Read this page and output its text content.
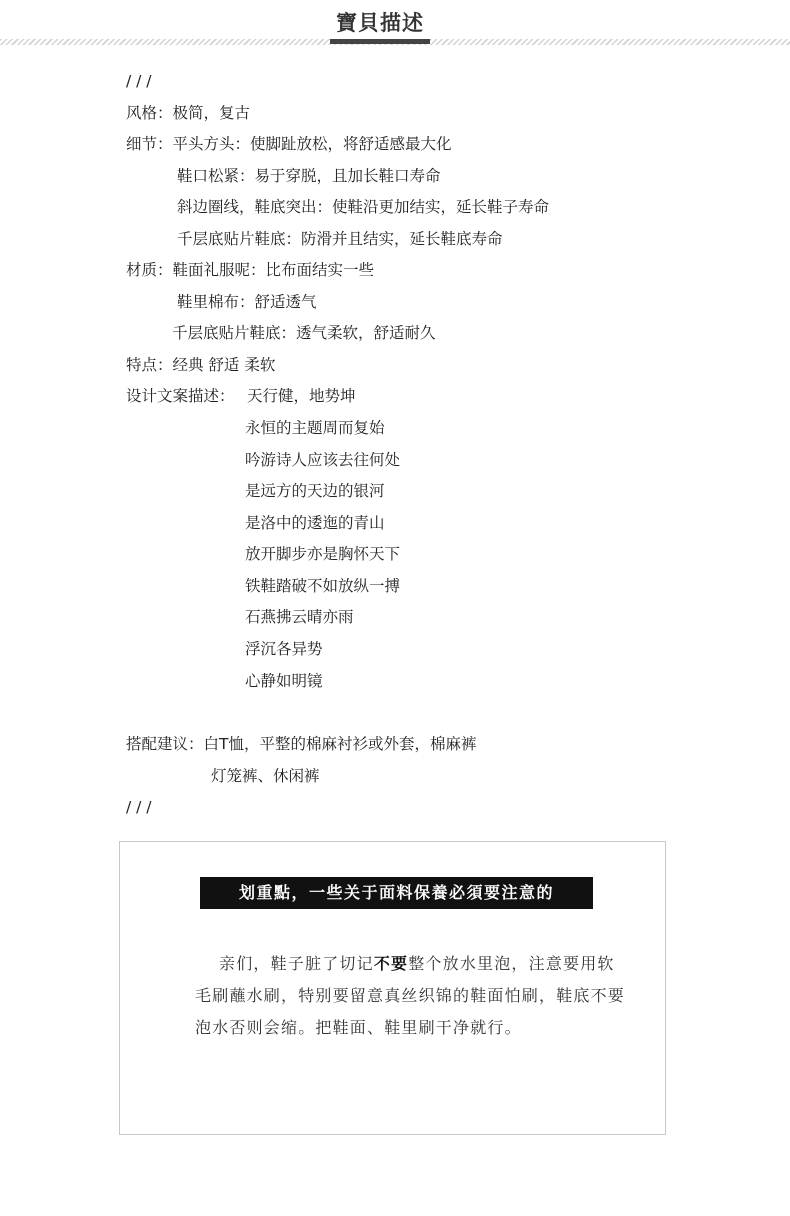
寶貝描述
/ / /
风格：极简，复古
细节：平头方头：使脚趾放松，将舒适感最大化
鞋口松紧：易于穿脱，且加长鞋口寿命
斜边圈线，鞋底突出：使鞋沿更加结实，延长鞋子寿命
千层底贴片鞋底：防滑并且结实，延长鞋底寿命
材质：鞋面礼服呢：比布面结实一些
鞋里棉布：舒适透气
千层底贴片鞋底：透气柔软，舒适耐久
特点：经典 舒适 柔软
设计文案描述： 天行健，地势坤
永恒的主题周而复始
吟游诗人应该去往何处
是远方的天边的银河
是洛中的逶迤的青山
放开脚步亦是胸怀天下
铁鞋踏破不如放纵一搏
石燕拂云晴亦雨
浮沉各异势
心静如明镜
搭配建议：白T恤，平整的棉麻衬衫或外套，棉麻裤
灯笼裤、休闲裤
/ / /
划重點，一些关于面料保養必須要注意的
亲们，鞋子脏了切记不要整个放水里泡，注意要用软毛刷蘸水刷，特别要留意真丝织锦的鞋面怕刷，鞋底不要泡水否则会缩。把鞋面、鞋里刷干净就行。
